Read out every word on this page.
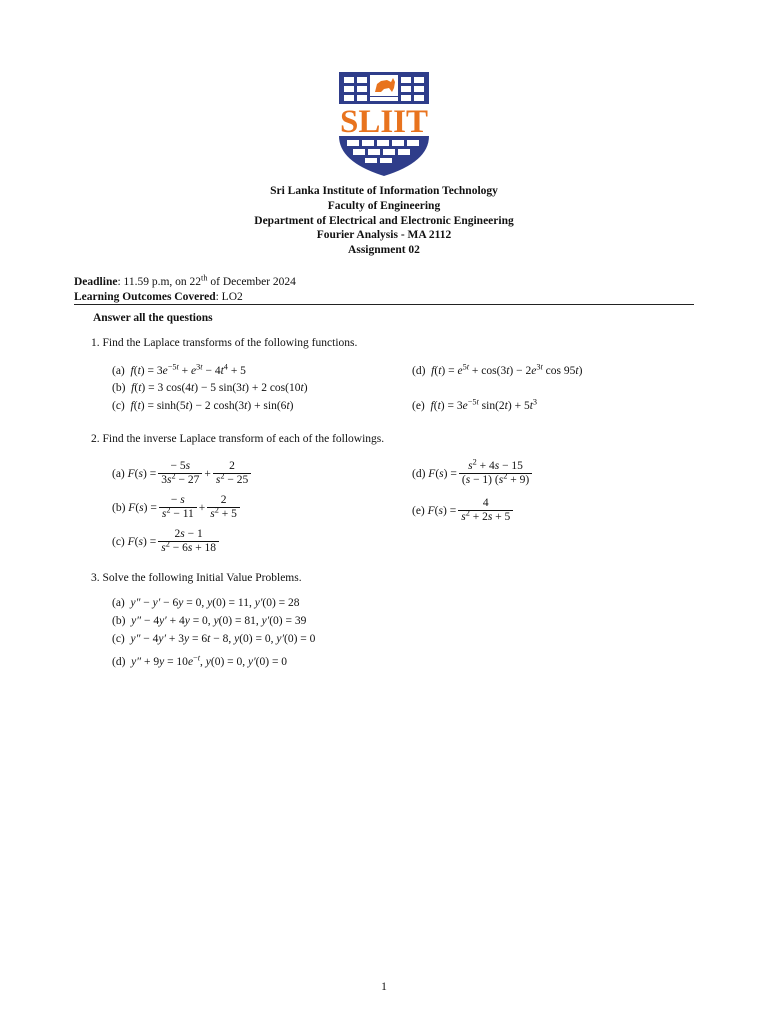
SLIIT
Sri Lanka Institute of Information Technology
Faculty of Engineering
Department of Electrical and Electronic Engineering
Fourier Analysis - MA 2112
Assignment 02
Deadline: 11.59 p.m, on 22th of December 2024
Learning Outcomes Covered: LO2
Answer all the questions
1. Find the Laplace transforms of the following functions.
(a) $f(t) = 3e^{-5t} + e^{3t} - 4t^4 + 5$
(b) f(t) = 3 cos(4t) − 5 sin(3t) + 2 cos(10t)
(c) f(t) = sinh(5t) − 2 cosh(3t) + sin(6t)
(d) $f(t) = e^{5t} + \cos(3t) - 2e^{3t}$ cos 95t)
(e) $f(t) = 3e^{-5t}$ $\sin(2t) + 5t^3$
2. Find the inverse Laplace transform of each of the followings.
(a)
F ( s ) = $\frac{- 5s}{3s^2 - 27} + \frac{2}{s^2 - 25}$
(b)
F ( s ) = $\frac{- s}{s^2 - 11} + \frac{2}{s^2 + 5}$
(c)
F ( s ) = $\frac{2s - 1}{s^2 - 6s + 18}$
(d)
F ( s ) = $\frac{s^2 + 4s - 15}{(s - 1) (s^2 + 9)}$
(e)
F ( s ) = $\frac{4}{s^2 + 2s + 5}$
3. Solve the following Initial Value Problems.
(a) y″ − y′ − 6y = 0, y(0) = 11, y′(0) = 28
(b) y″ − 4y′ + 4y = 0, y(0) = 81, y′(0) = 39
(c) y″ − 4y′ + 3y = 6t − 8, y(0) = 0, y′(0) = 0
(d) $y'' + 9y = 10e^{-t}$, y(0) = 0, y′(0) = 0
1
